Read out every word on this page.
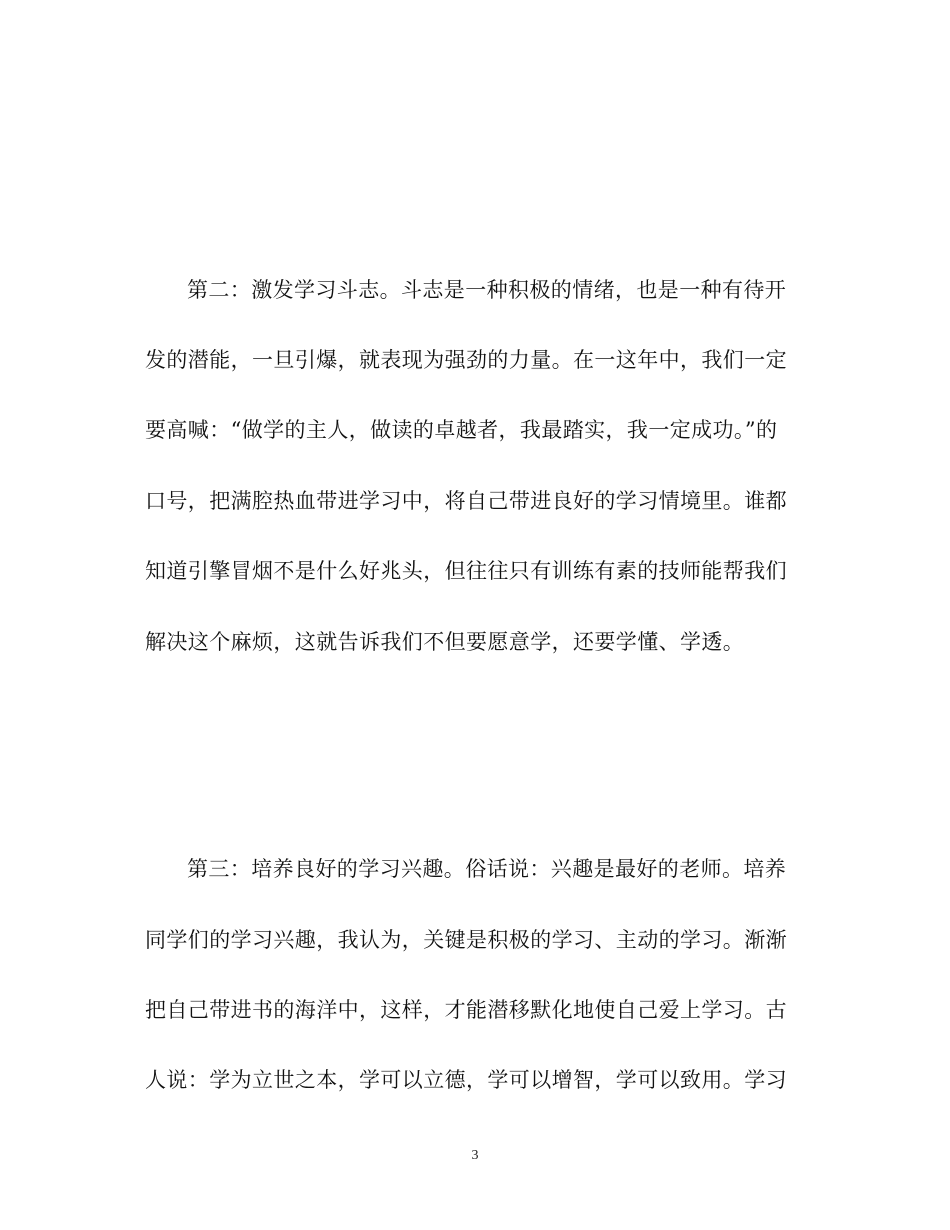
第二：激发学习斗志。斗志是一种积极的情绪，也是一种有待开
发的潜能，一旦引爆，就表现为强劲的力量。在一这年中，我们一定
要高喊：“做学的主人，做读的卓越者，我最踏实，我一定成功。”的
口号，把满腔热血带进学习中，将自己带进良好的学习情境里。谁都
知道引擎冒烟不是什么好兆头，但往往只有训练有素的技师能帮我们
解决这个麻烦，这就告诉我们不但要愿意学，还要学懂、学透。
第三：培养良好的学习兴趣。俗话说：兴趣是最好的老师。培养
同学们的学习兴趣，我认为，关键是积极的学习、主动的学习。渐渐
把自己带进书的海洋中，这样，才能潜移默化地使自己爱上学习。古
人说：学为立世之本，学可以立德，学可以增智，学可以致用。学习
3
